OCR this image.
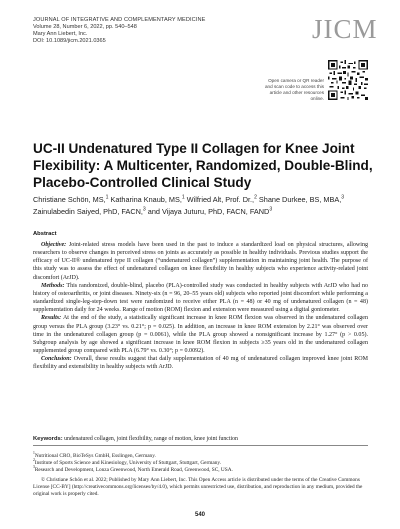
JOURNAL OF INTEGRATIVE AND COMPLEMENTARY MEDICINE
Volume 28, Number 6, 2022, pp. 540–548
Mary Ann Liebert, Inc.
DOI: 10.1089/jicm.2021.0365	JICM
Open camera or QR reader and scan code to access this article and other resources online.
UC-II Undenatured Type II Collagen for Knee Joint Flexibility: A Multicenter, Randomized, Double-Blind, Placebo-Controlled Clinical Study
Christiane Schön, MS,$^1$ Katharina Knaub, MS,$^1$ Wilfried Alt, Prof. Dr.,$^2$ Shane Durkee, BS, MBA,$^3$
Zainulabedin Saiyed, PhD, FACN,$^3$ and Vijaya Juturu, PhD, FACN, FAND$^3$
Abstract

Objective: Joint-related stress models have been used in the past to induce a standardized load on physical structures, allowing researchers to observe changes in perceived stress on joints as accurately as possible in healthy individuals. Previous studies support the efficacy of UC-II® undenatured type II collagen (“undenatured collagen”) supplementation in maintaining joint health. The purpose of this study was to assess the effect of undenatured collagen on knee flexibility in healthy subjects who experience activity-related joint discomfort (ArJD).

Methods: This randomized, double-blind, placebo (PLA)-controlled study was conducted in healthy subjects with ArJD who had no history of osteoarthritis, or joint diseases. Ninety-six (n = 96, 20–55 years old) subjects who reported joint discomfort while performing a standardized single-leg-step-down test were randomized to receive either PLA (n = 48) or 40 mg of undenatured collagen (n = 48) supplementation daily for 24 weeks. Range of motion (ROM) flexion and extension were measured using a digital goniometer.

Results: At the end of the study, a statistically significant increase in knee ROM flexion was observed in the undenatured collagen group versus the PLA group (3.23° vs. 0.21°; p = 0.025). In addition, an increase in knee ROM extension by 2.21° was observed over time in the undenatured collagen group (p = 0.0061), while the PLA group showed a nonsignificant increase by 1.27° (p > 0.05). Subgroup analysis by age showed a significant increase in knee ROM flexion in subjects ≥35 years old in the undenatured collagen supplemented group compared with PLA (6.79° vs. 0.30°; p = 0.0092).

Conclusion: Overall, these results suggest that daily supplementation of 40 mg of undenatured collagen improved knee joint ROM flexibility and extensibility in healthy subjects with ArJD.

Keywords: undenatured collagen, joint flexibility, range of motion, knee joint function
$^1$Nutritional CRO, BioTeSys GmbH, Esslingen, Germany.
$^2$Institute of Sports Science and Kinesiology, University of Stuttgart, Stuttgart, Germany.
$^3$Research and Development, Lonza Greenwood, North Emerald Road, Greenwood, SC, USA.
© Christiane Schön et al. 2022; Published by Mary Ann Liebert, Inc. This Open Access article is distributed under the terms of the Creative Commons License [CC-BY] (http://creativecommons.org/licenses/by/4.0), which permits unrestricted use, distribution, and reproduction in any medium, provided the original work is properly cited.
540
